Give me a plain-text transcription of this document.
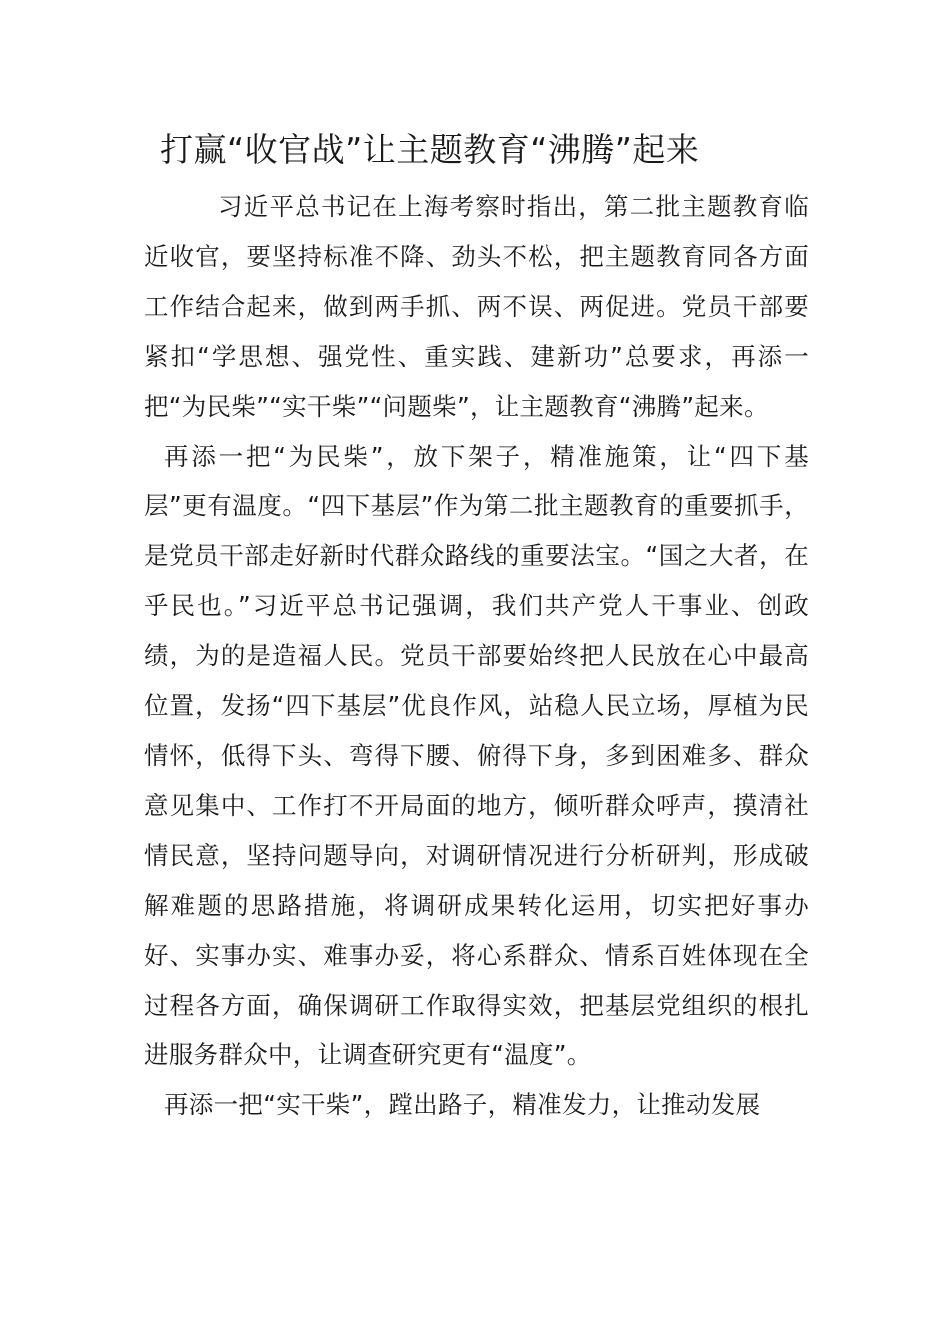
打赢“收官战”让主题教育“沸腾”起来

习近平总书记在上海考察时指出，第二批主题教育临近收官，要坚持标准不降、劲头不松，把主题教育同各方面工作结合起来，做到两手抓、两不误、两促进。党员干部要紧扣“学思想、强党性、重实践、建新功”总要求，再添一把“为民柴”“实干柴”“问题柴”，让主题教育“沸腾”起来。

再添一把“为民柴”，放下架子，精准施策，让“四下基层”更有温度。“四下基层”作为第二批主题教育的重要抓手，是党员干部走好新时代群众路线的重要法宝。“国之大者，在乎民也。”习近平总书记强调，我们共产党人干事业、创政绩，为的是造福人民。党员干部要始终把人民放在心中最高位置，发扬“四下基层”优良作风，站稳人民立场，厚植为民情怀，低得下头、弯得下腰、俯得下身，多到困难多、群众意见集中、工作打不开局面的地方，倾听群众呼声，摸清社情民意，坚持问题导向，对调研情况进行分析研判，形成破解难题的思路措施，将调研成果转化运用，切实把好事办好、实事办实、难事办妥，将心系群众、情系百姓体现在全过程各方面，确保调研工作取得实效，把基层党组织的根扎进服务群众中，让调查研究更有“温度”。

再添一把“实干柴”，蹚出路子，精准发力，让推动发展
